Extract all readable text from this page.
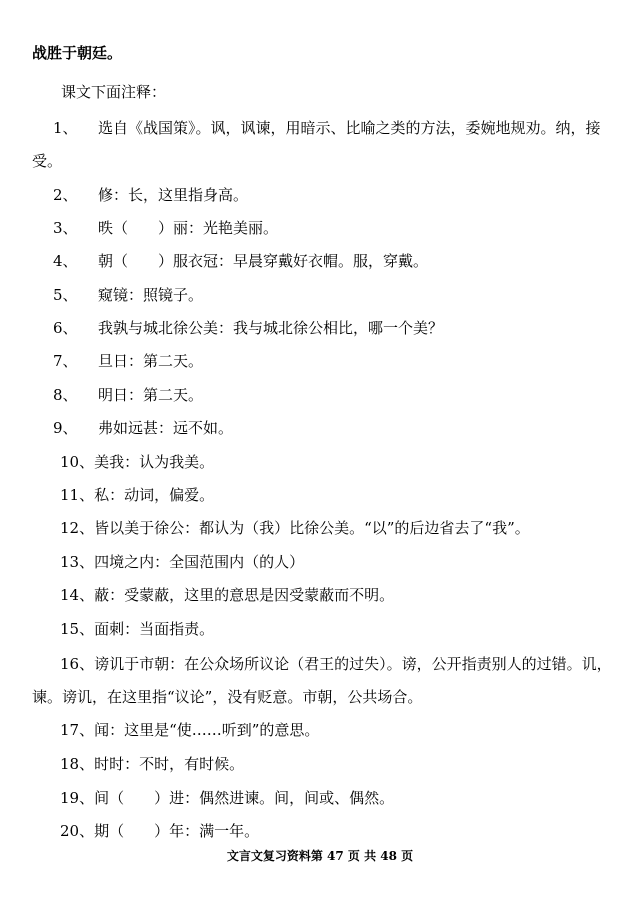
战胜于朝廷。
课文下面注释：
1、 选自《战国策》。讽，讽谏，用暗示、比喻之类的方法，委婉地规劝。纳，接
受。
2、 修：长，这里指身高。
3、 昳（　　）丽：光艳美丽。
4、 朝（　　）服衣冠：早晨穿戴好衣帽。服，穿戴。
5、 窥镜：照镜子。
6、 我孰与城北徐公美：我与城北徐公相比，哪一个美？
7、 旦日：第二天。
8、 明日：第二天。
9、 弗如远甚：远不如。
10、美我：认为我美。
11、私：动词，偏爱。
12、皆以美于徐公：都认为（我）比徐公美。“以”的后边省去了“我”。
13、四境之内：全国范围内（的人）
14、蔽：受蒙蔽，这里的意思是因受蒙蔽而不明。
15、面刺：当面指责。
16、谤讥于市朝：在公众场所议论（君王的过失）。谤，公开指责别人的过错。讥，
谏。谤讥，在这里指“议论”，没有贬意。市朝，公共场合。
17、闻：这里是“使……听到”的意思。
18、时时：不时，有时候。
19、间（　　）进：偶然进谏。间，间或、偶然。
20、期（　　）年：满一年。
文言文复习资料第 47 页 共 48 页
